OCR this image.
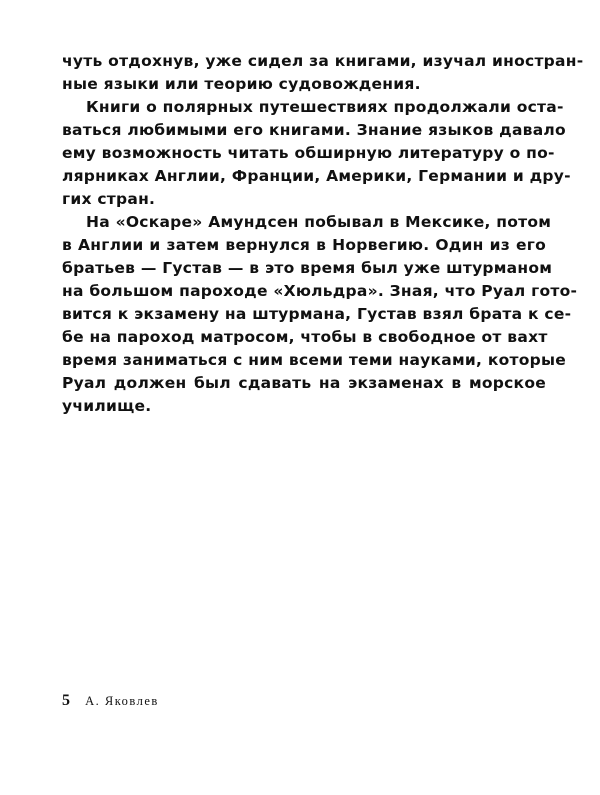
чуть отдохнув, уже сидел за книгами, изучал иностран-
ные языки или теорию судовождения.
Книги о полярных путешествиях продолжали оста-
ваться любимыми его книгами. Знание языков давало
ему возможность читать обширную литературу о по-
лярниках Англии, Франции, Америки, Германии и дру-
гих стран.
На «Оскаре» Амундсен побывал в Мексике, потом
в Англии и затем вернулся в Норвегию. Один из его
братьев — Густав — в это время был уже штурманом
на большом пароходе «Хюльдра». Зная, что Руал гото-
вится к экзамену на штурмана, Густав взял брата к се-
бе на пароход матросом, чтобы в свободное от вахт
время заниматься с ним всеми теми науками, которые
Руал должен был сдавать на экзаменах в морское
училище.
5 А. Яковлев
